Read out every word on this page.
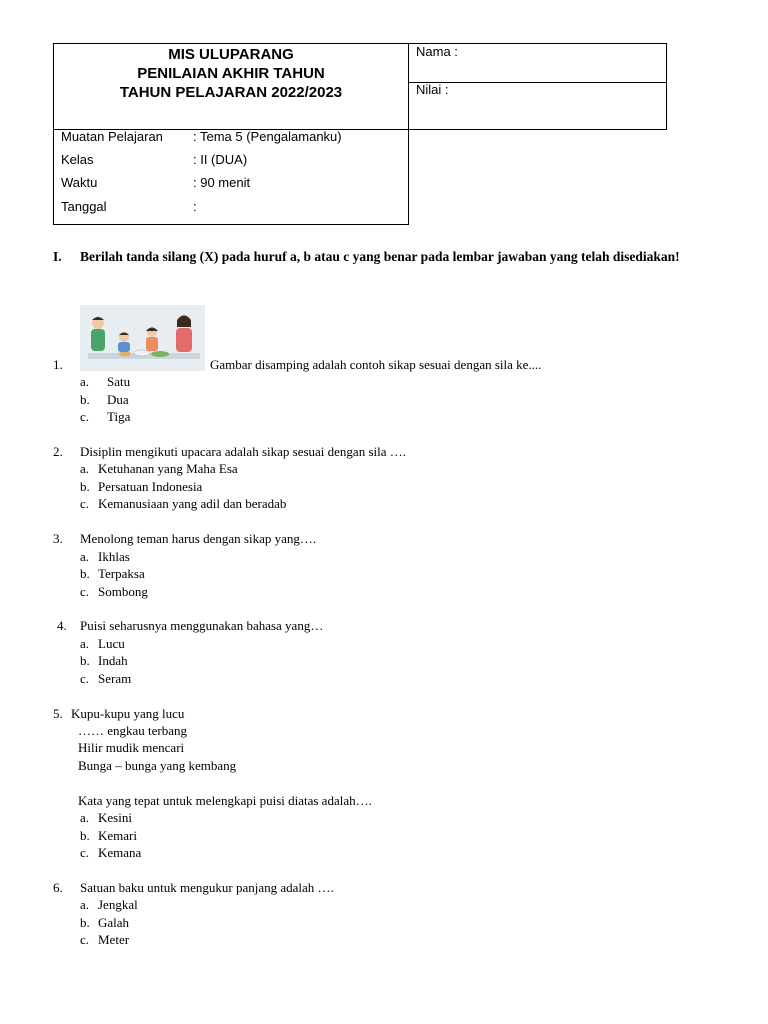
MIS ULUPARANG
PENILAIAN AKHIR TAHUN
TAHUN PELAJARAN 2022/2023
Nama :
Nilai :
Muatan Pelajaran : Tema 5 (Pengalamanku)
Kelas	: II (DUA)
Waktu	: 90 menit
Tanggal	:
I. Berilah tanda silang (X) pada huruf a, b atau c yang benar pada lembar jawaban yang telah disediakan!
1.	Gambar disamping adalah contoh sikap sesuai dengan sila ke....
a. Satu
b. Dua
c. Tiga
2. Disiplin mengikuti upacara adalah sikap sesuai dengan sila ….
a. Ketuhanan yang Maha Esa
b. Persatuan Indonesia
c. Kemanusiaan yang adil dan beradab
3. Menolong teman harus dengan sikap yang….
a. Ikhlas
b. Terpaksa
c. Sombong
4. Puisi seharusnya menggunakan bahasa yang…
a. Lucu
b. Indah
c. Seram
5. Kupu-kupu yang lucu
…… engkau terbang
Hilir mudik mencari
Bunga – bunga yang kembang
Kata yang tepat untuk melengkapi puisi diatas adalah….
a. Kesini
b. Kemari
c. Kemana
6. Satuan baku untuk mengukur panjang adalah ….
a. Jengkal
b. Galah
c. Meter
